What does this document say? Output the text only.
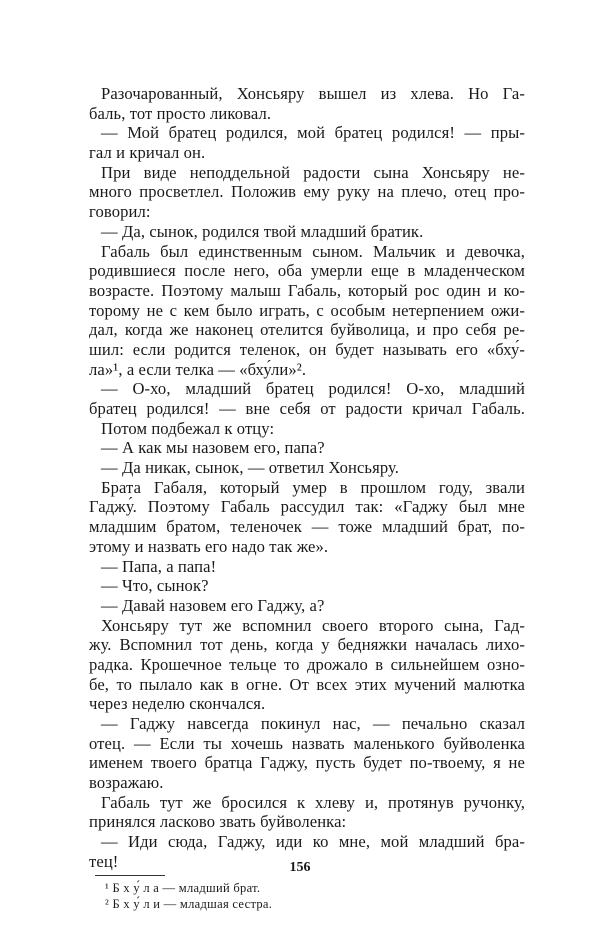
Разочарованный, Хонсьяру вышел из хлева. Но Га-
баль, тот просто ликовал.
— Мой братец родился, мой братец родился! — пры-
гал и кричал он.
При виде неподдельной радости сына Хонсьяру не-
много просветлел. Положив ему руку на плечо, отец про-
говорил:
— Да, сынок, родился твой младший братик.
Габаль был единственным сыном. Мальчик и девочка,
родившиеся после него, оба умерли еще в младенческом
возрасте. Поэтому малыш Габаль, который рос один и ко-
торому не с кем было играть, с особым нетерпением ожи-
дал, когда же наконец отелится буйволица, и про себя ре-
шил: если родится теленок, он будет называть его «бху́-
ла»¹, а если телка — «бху́ли»².
— О-хо, младший братец родился! О-хо, младший
братец родился! — вне себя от радости кричал Габаль.
Потом подбежал к отцу:
— А как мы назовем его, папа?
— Да никак, сынок, — ответил Хонсьяру.
Брата Габаля, который умер в прошлом году, звали
Гаджу́. Поэтому Габаль рассудил так: «Гаджу был мне
младшим братом, теленочек — тоже младший брат, по-
этому и назвать его надо так же».
— Папа, а папа!
— Что, сынок?
— Давай назовем его Гаджу, а?
Хонсьяру тут же вспомнил своего второго сына, Гад-
жу. Вспомнил тот день, когда у бедняжки началась лихо-
радка. Крошечное тельце то дрожало в сильнейшем озно-
бе, то пылало как в огне. От всех этих мучений малютка
через неделю скончался.
— Гаджу навсегда покинул нас, — печально сказал
отец. — Если ты хочешь назвать маленького буйволенка
именем твоего братца Гаджу, пусть будет по-твоему, я не
возражаю.
Габаль тут же бросился к хлеву и, протянув ручонку,
принялся ласково звать буйволенка:
— Иди сюда, Гаджу, иди ко мне, мой младший бра-
тец!
¹ Б х у́ л а — младший брат.
² Б х у́ л и — младшая сестра.
156
